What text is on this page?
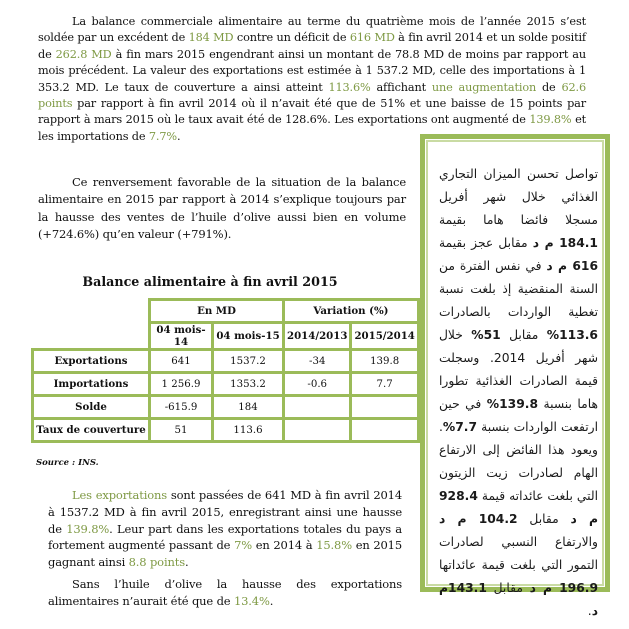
La balance commerciale alimentaire au terme du quatrième mois de l’année 2015 s’est soldée par un excédent de 184 MD contre un déficit de 616 MD à fin avril 2014 et un solde positif de 262.8 MD à fin mars 2015 engendrant ainsi un montant de 78.8 MD de moins par rapport au mois précédent. La valeur des exportations est estimée à 1 537.2 MD, celle des importations à 1 353.2 MD. Le taux de couverture a ainsi atteint 113.6% affichant une augmentation de 62.6 points par rapport à fin avril 2014 où il n’avait été que de 51% et une baisse de 15 points par rapport à mars 2015 où le taux avait été de 128.6%. Les exportations ont augmenté de 139.8% et les importations de 7.7%.
Ce renversement favorable de la situation de la balance alimentaire en 2015 par rapport à 2014 s’explique toujours par la hausse des ventes de l’huile d’olive aussi bien en volume (+724.6%) qu’en valeur (+791%).
Balance alimentaire à fin avril 2015
	En MD		Variation (%)	
	04 mois-14	04 mois-15	2014/2013	2015/2014
Exportations	641	1537.2	-34	139.8
Importations	1 256.9	1353.2	-0.6	7.7
Solde	-615.9	184		
Taux de couverture	51	113.6		
Source : INS.
Les exportations sont passées de 641 MD à fin avril 2014 à 1537.2 MD à fin avril 2015, enregistrant ainsi une hausse de 139.8%. Leur part dans les exportations totales du pays a fortement augmenté passant de 7% en 2014 à 15.8% en 2015 gagnant ainsi 8.8 points.
Sans l’huile d’olive la hausse des exportations alimentaires n’aurait été que de 13.4%.
تواصل تحسن الميزان التجاري الغذائي خلال شهر أفريل مسجلا فائضا هاما بقيمة 184.1 م د مقابل عجز بقيمة 616 م د في نفس الفترة من السنة المنقضية إذ بلغت نسبة تغطية الواردات بالصادرات 113.6% مقابل 51% خلال شهر أفريل 2014. وسجلت قيمة الصادرات الغذائية تطورا هاما بنسبة 139.8% في حين ارتفعت الواردات بنسبة 7.7%. ويعود هذا الفائض إلى الارتفاع الهام لصادرات زيت الزيتون التي بلغت عائداته قيمة 928.4 م د مقابل 104.2 م د والارتفاع النسبي لصادرات التمور التي بلغت قيمة عائداتها 196.9 م د مقابل 143.1م د.
